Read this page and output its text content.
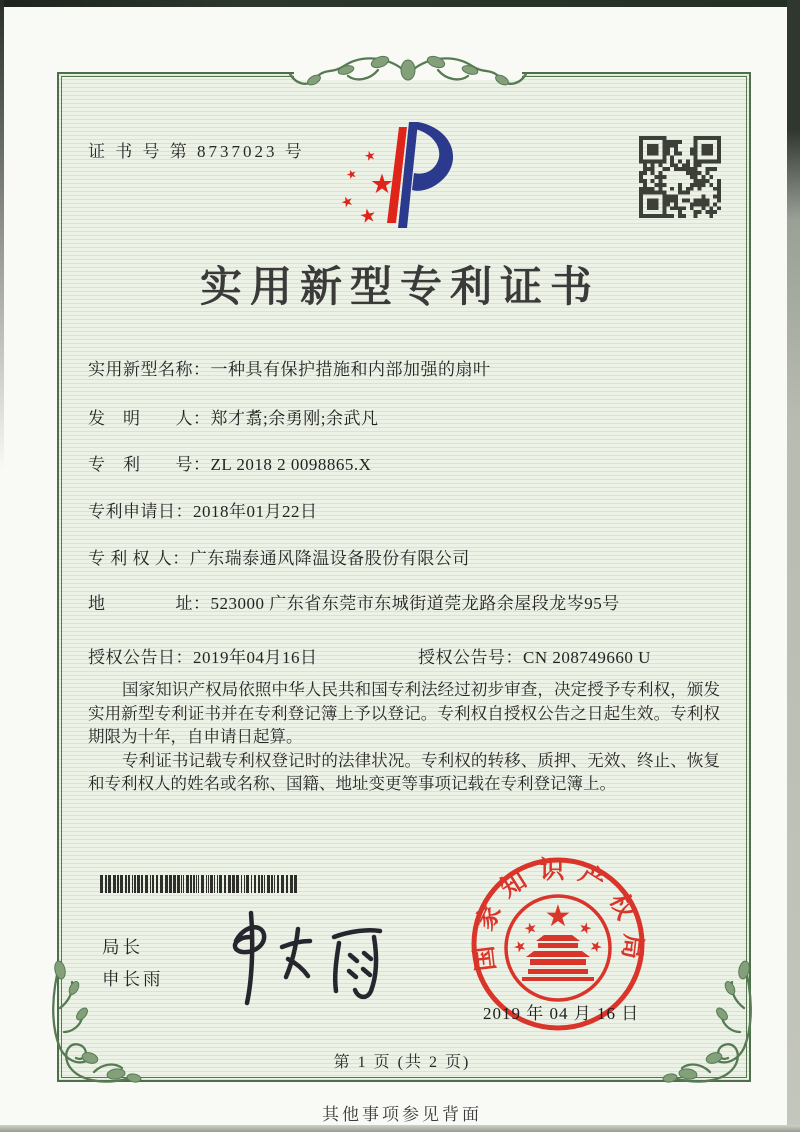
证 书 号 第 8737023 号	★
★ ★
★
★
实用新型专利证书
实用新型名称：一种具有保护措施和内部加强的扇叶
发　明　　人：郑才翥;余勇刚;余武凡
专　利　　号：ZL 2018 2 0098865.X
专利申请日：2018年01月22日
专 利 权 人：广东瑞泰通风降温设备股份有限公司
地　　　　址：523000 广东省东莞市东城街道莞龙路余屋段龙岑95号
授权公告日：2019年04月16日	授权公告号：CN 208749660 U

国家知识产权局依照中华人民共和国专利法经过初步审查，决定授予专利权，颁发实用新型专利证书并在专利登记簿上予以登记。专利权自授权公告之日起生效。专利权期限为十年，自申请日起算。

专利证书记载专利权登记时的法律状况。专利权的转移、质押、无效、终止、恢复和专利权人的姓名或名称、国籍、地址变更等事项记载在专利登记簿上。

局长
申长雨
国家知识产权局
★
★
★
★
★
2019 年 04 月 16 日
第 1 页 (共 2 页)
其他事项参见背面
